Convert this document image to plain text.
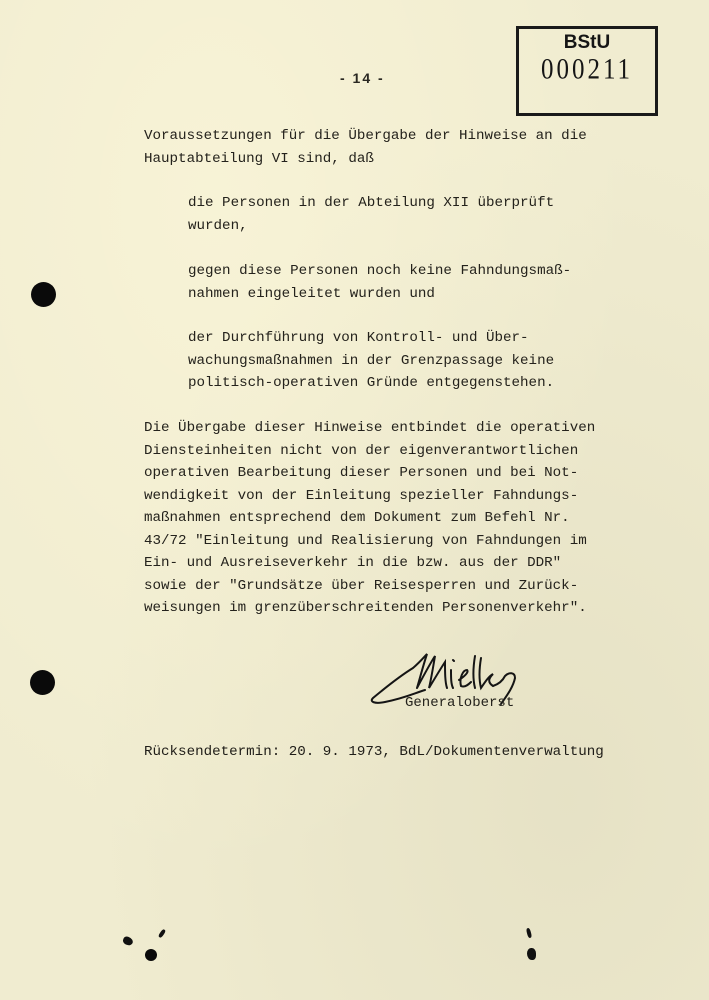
- 14 -
BStU
000211
Voraussetzungen für die Übergabe der Hinweise an die
Hauptabteilung VI sind, daß
die Personen in der Abteilung XII überprüft
wurden,
gegen diese Personen noch keine Fahndungsmaß-
nahmen eingeleitet wurden und
der Durchführung von Kontroll- und Über-
wachungsmaßnahmen in der Grenzpassage keine
politisch-operativen Gründe entgegenstehen.
Die Übergabe dieser Hinweise entbindet die operativen
Diensteinheiten nicht von der eigenverantwortlichen
operativen Bearbeitung dieser Personen und bei Not-
wendigkeit von der Einleitung spezieller Fahndungs-
maßnahmen entsprechend dem Dokument zum Befehl Nr.
43/72 "Einleitung und Realisierung von Fahndungen im
Ein- und Ausreiseverkehr in die bzw. aus der DDR"
sowie der "Grundsätze über Reisesperren und Zurück-
weisungen im grenzüberschreitenden Personenverkehr".
Generaloberst
Rücksendetermin: 20. 9. 1973, BdL/Dokumentenverwaltung
